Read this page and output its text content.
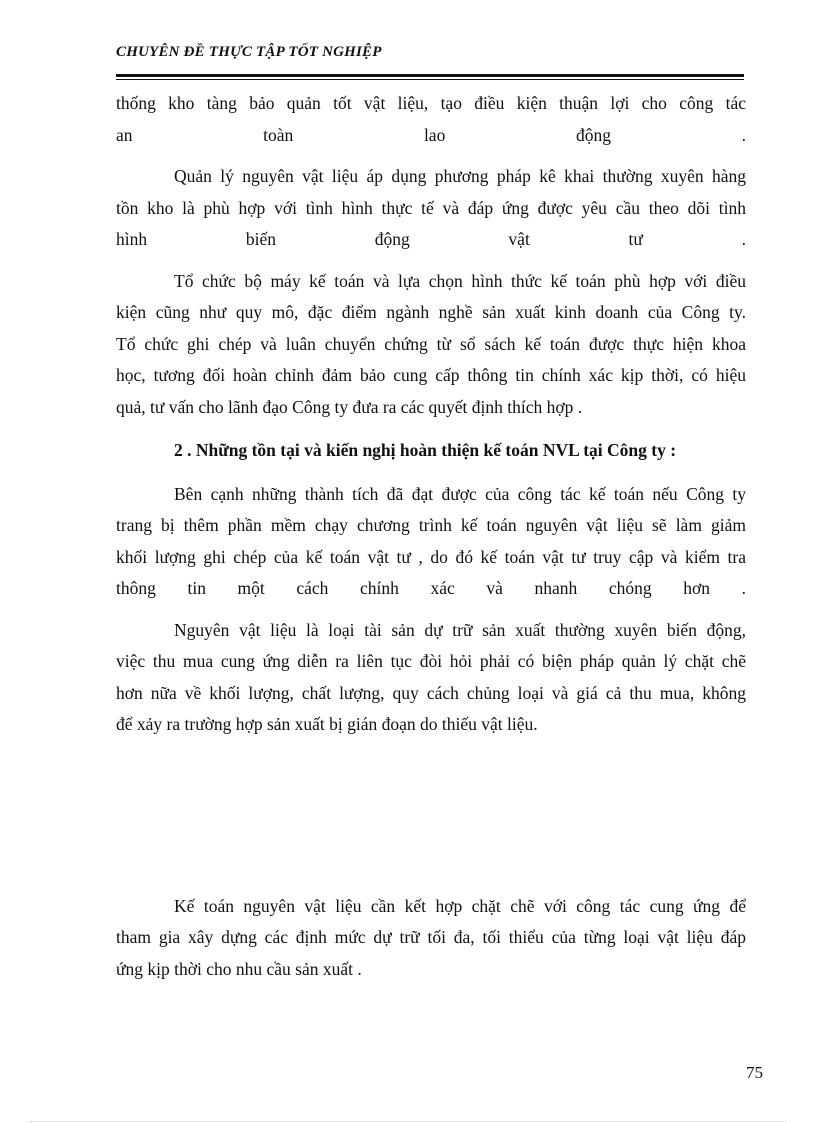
CHUYÊN ĐỀ THỰC TẬP TỐT NGHIỆP

thống kho tàng bảo quản tốt vật liệu, tạo điều kiện thuận lợi cho công tác

an toàn lao động .

Quản lý nguyên vật liệu áp dụng phương pháp kê khai thường xuyên hàng

tồn kho là phù hợp với tình hình thực tế và đáp ứng được yêu cầu theo dõi tình

hình biến động vật tư .

Tổ chức bộ máy kế toán và lựa chọn hình thức kế toán phù hợp với điều

kiện cũng như quy mô, đặc điểm ngành nghề sản xuất kinh doanh của Công ty.

Tổ chức ghi chép và luân chuyển chứng từ sổ sách kế toán được thực hiện khoa

học, tương đối hoàn chỉnh đảm bảo cung cấp thông tin chính xác kịp thời, có hiệu

quả, tư vấn cho lãnh đạo Công ty đưa ra các quyết định thích hợp .

2 . Những tồn tại và kiến nghị hoàn thiện kế toán NVL tại Công ty :

Bên cạnh những thành tích đã đạt được của công tác kế toán nếu Công ty

trang bị thêm phần mềm chạy chương trình kế toán nguyên vật liệu sẽ làm giảm

khối lượng ghi chép của kế toán vật tư , do đó kế toán vật tư truy cập và kiểm tra

thông tin một cách chính xác và nhanh chóng hơn .

Nguyên vật liệu là loại tài sản dự trữ sản xuất thường xuyên biến động,

việc thu mua cung ứng diễn ra liên tục đòi hỏi phải có biện pháp quản lý chặt chẽ

hơn nữa về khối lượng, chất lượng, quy cách chủng loại và giá cả thu mua, không

để xảy ra trường hợp sản xuất bị gián đoạn do thiếu vật liệu.

Kế toán nguyên vật liệu cần kết hợp chặt chẽ với công tác cung ứng để

tham gia xây dựng các định mức dự trữ tối đa, tối thiểu của từng loại vật liệu đáp

ứng kịp thời cho nhu cầu sản xuất .

75
